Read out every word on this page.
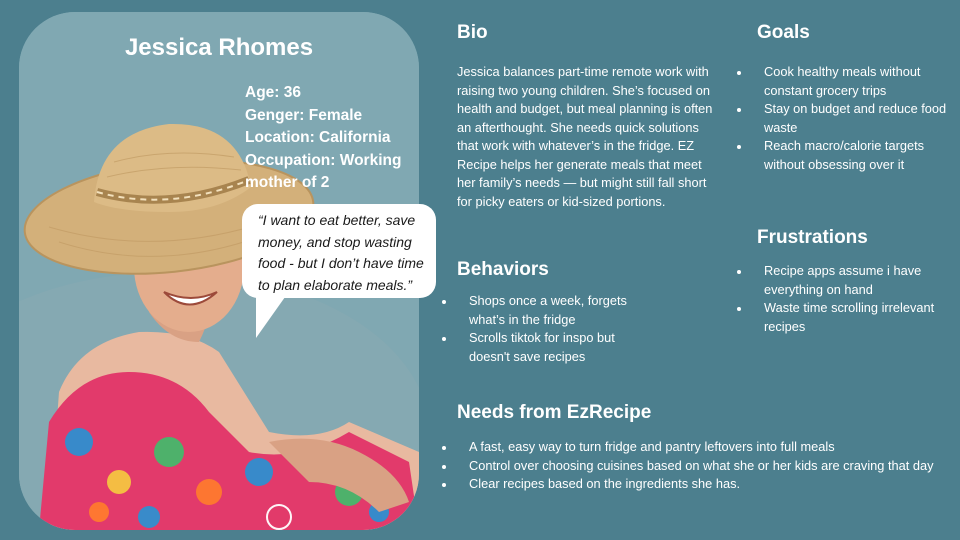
Jessica Rhomes
Age: 36
Genger: Female
Location: California
Occupation: Working
mother of 2
“I want to eat better, save money, and stop wasting food - but I don’t have time to plan elaborate meals.”
Bio
Jessica balances part-time remote work with raising two young children. She’s focused on health and budget, but meal planning is often an afterthought. She needs quick solutions that work with whatever’s in the fridge. EZ Recipe helps her generate meals that meet her family’s needs — but might still fall short for picky eaters or kid-sized portions.
Goals
Cook healthy meals without constant grocery trips
Stay on budget and reduce food waste
Reach macro/calorie targets without obsessing over it
Frustrations
Recipe apps assume i have everything on hand
Waste time scrolling irrelevant recipes
Behaviors
Shops once a week, forgets what’s in the fridge
Scrolls tiktok for inspo but doesn't save recipes
Needs from EzRecipe
A fast, easy way to turn fridge and pantry leftovers into full meals
Control over choosing cuisines based on what she or her kids are craving that day
Clear recipes based on the ingredients she has.
